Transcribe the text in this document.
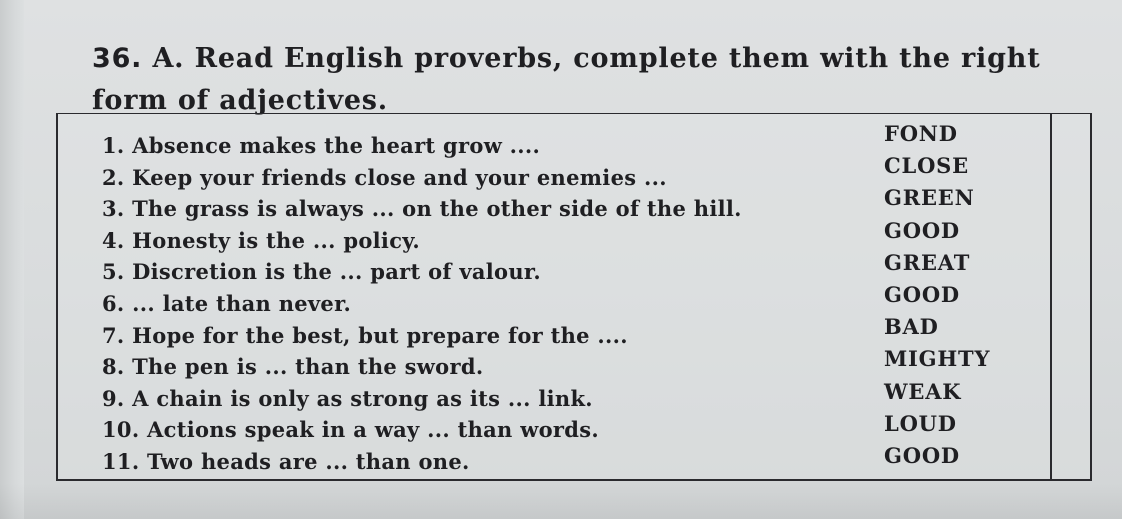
36. A. Read English proverbs, complete them with the right form of adjectives.
1. Absence makes the heart grow ....
2. Keep your friends close and your enemies ...
3. The grass is always ... on the other side of the hill.
4. Honesty is the ... policy.
5. Discretion is the ... part of valour.
6. ... late than never.
7. Hope for the best, but prepare for the ....
8. The pen is ... than the sword.
9. A chain is only as strong as its ... link.
10. Actions speak in a way ... than words.
11. Two heads are ... than one.
FOND
CLOSE
GREEN
GOOD
GREAT
GOOD
BAD
MIGHTY
WEAK
LOUD
GOOD
